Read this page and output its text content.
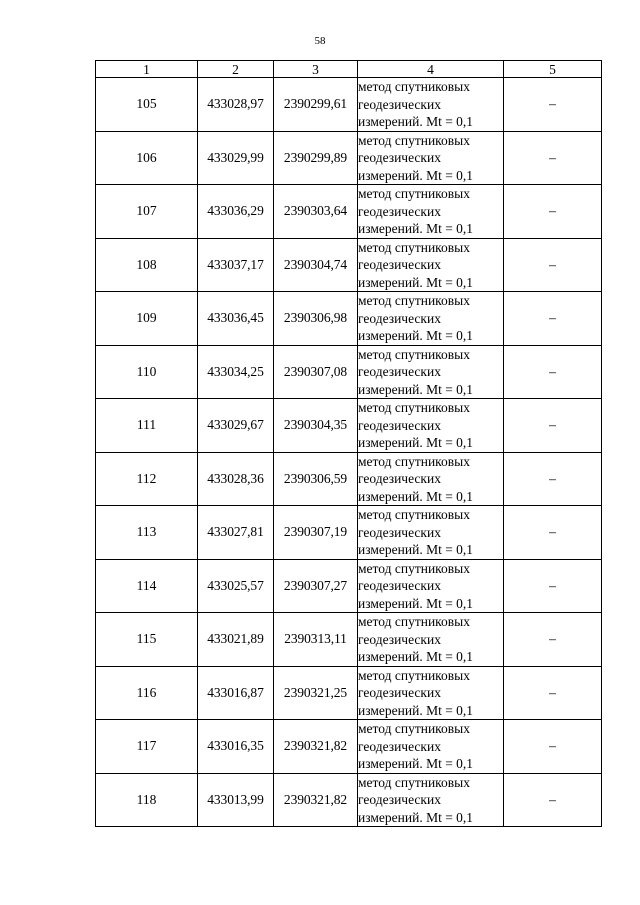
58
1	2	3	4	5
105	433028,97	2390299,61	метод спутниковых
геодезических
измерений. Mt = 0,1	–
106	433029,99	2390299,89	метод спутниковых
геодезических
измерений. Mt = 0,1	–
107	433036,29	2390303,64	метод спутниковых
геодезических
измерений. Mt = 0,1	–
108	433037,17	2390304,74	метод спутниковых
геодезических
измерений. Mt = 0,1	–
109	433036,45	2390306,98	метод спутниковых
геодезических
измерений. Mt = 0,1	–
110	433034,25	2390307,08	метод спутниковых
геодезических
измерений. Mt = 0,1	–
111	433029,67	2390304,35	метод спутниковых
геодезических
измерений. Mt = 0,1	–
112	433028,36	2390306,59	метод спутниковых
геодезических
измерений. Mt = 0,1	–
113	433027,81	2390307,19	метод спутниковых
геодезических
измерений. Mt = 0,1	–
114	433025,57	2390307,27	метод спутниковых
геодезических
измерений. Mt = 0,1	–
115	433021,89	2390313,11	метод спутниковых
геодезических
измерений. Mt = 0,1	–
116	433016,87	2390321,25	метод спутниковых
геодезических
измерений. Mt = 0,1	–
117	433016,35	2390321,82	метод спутниковых
геодезических
измерений. Mt = 0,1	–
118	433013,99	2390321,82	метод спутниковых
геодезических
измерений. Mt = 0,1	–
